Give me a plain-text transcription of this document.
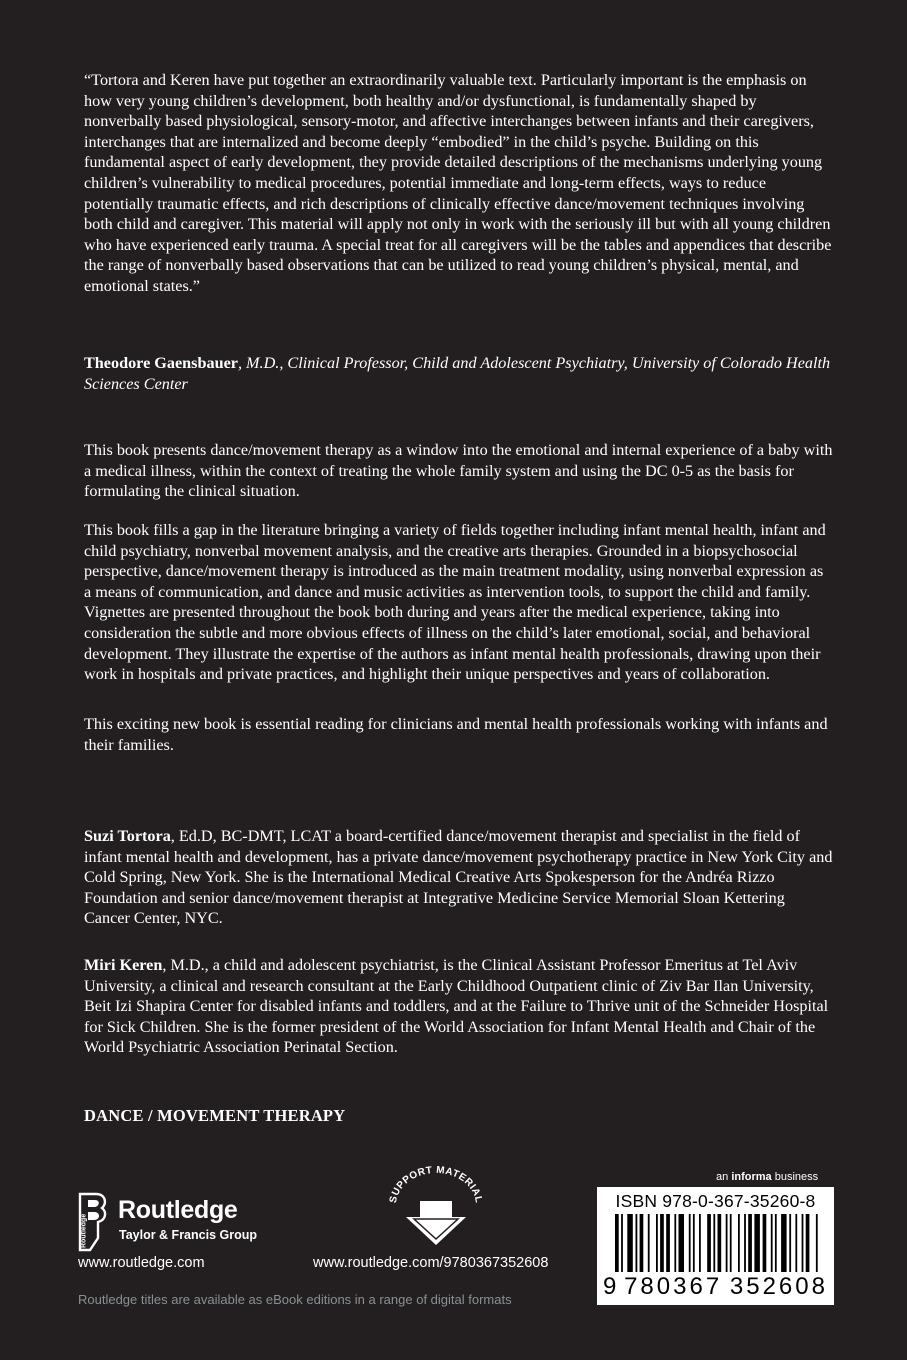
“Tortora and Keren have put together an extraordinarily valuable text. Particularly important is the emphasis on how very young children’s development, both healthy and/or dysfunctional, is fundamentally shaped by nonverbally based physiological, sensory-motor, and affective interchanges between infants and their caregivers, interchanges that are internalized and become deeply “embodied” in the child’s psyche. Building on this fundamental aspect of early development, they provide detailed descriptions of the mechanisms underlying young children’s vulnerability to medical procedures, potential immediate and long-term effects, ways to reduce potentially traumatic effects, and rich descriptions of clinically effective dance/movement techniques involving both child and caregiver. This material will apply not only in work with the seriously ill but with all young children who have experienced early trauma. A special treat for all caregivers will be the tables and appendices that describe the range of nonverbally based observations that can be utilized to read young children’s physical, mental, and emotional states.”

Theodore Gaensbauer, M.D., Clinical Professor, Child and Adolescent Psychiatry, University of Colorado Health Sciences Center

This book presents dance/movement therapy as a window into the emotional and internal experience of a baby with a medical illness, within the context of treating the whole family system and using the DC 0-5 as the basis for formulating the clinical situation.

This book fills a gap in the literature bringing a variety of fields together including infant mental health, infant and child psychiatry, nonverbal movement analysis, and the creative arts therapies. Grounded in a biopsychosocial perspective, dance/movement therapy is introduced as the main treatment modality, using nonverbal expression as a means of communication, and dance and music activities as intervention tools, to support the child and family. Vignettes are presented throughout the book both during and years after the medical experience, taking into consideration the subtle and more obvious effects of illness on the child’s later emotional, social, and behavioral development. They illustrate the expertise of the authors as infant mental health professionals, drawing upon their work in hospitals and private practices, and highlight their unique perspectives and years of collaboration.

This exciting new book is essential reading for clinicians and mental health professionals working with infants and their families.

Suzi Tortora, Ed.D, BC-DMT, LCAT a board-certified dance/movement therapist and specialist in the field of infant mental health and development, has a private dance/movement psychotherapy practice in New York City and Cold Spring, New York. She is the International Medical Creative Arts Spokesperson for the Andréa Rizzo Foundation and senior dance/movement therapist at Integrative Medicine Service Memorial Sloan Kettering Cancer Center, NYC.

Miri Keren, M.D., a child and adolescent psychiatrist, is the Clinical Assistant Professor Emeritus at Tel Aviv University, a clinical and research consultant at the Early Childhood Outpatient clinic of Ziv Bar Ilan University, Beit Izi Shapira Center for disabled infants and toddlers, and at the Failure to Thrive unit of the Schneider Hospital for Sick Children. She is the former president of the World Association for Infant Mental Health and Chair of the World Psychiatric Association Perinatal Section.

DANCE / MOVEMENT THERAPY
Routledge
Routledge
Taylor & Francis Group
www.routledge.com
SUPPORT MATERIAL
www.routledge.com/9780367352608
an informa business
ISBN 978-0-367-35260-8
9 780367 352608
Routledge titles are available as eBook editions in a range of digital formats
